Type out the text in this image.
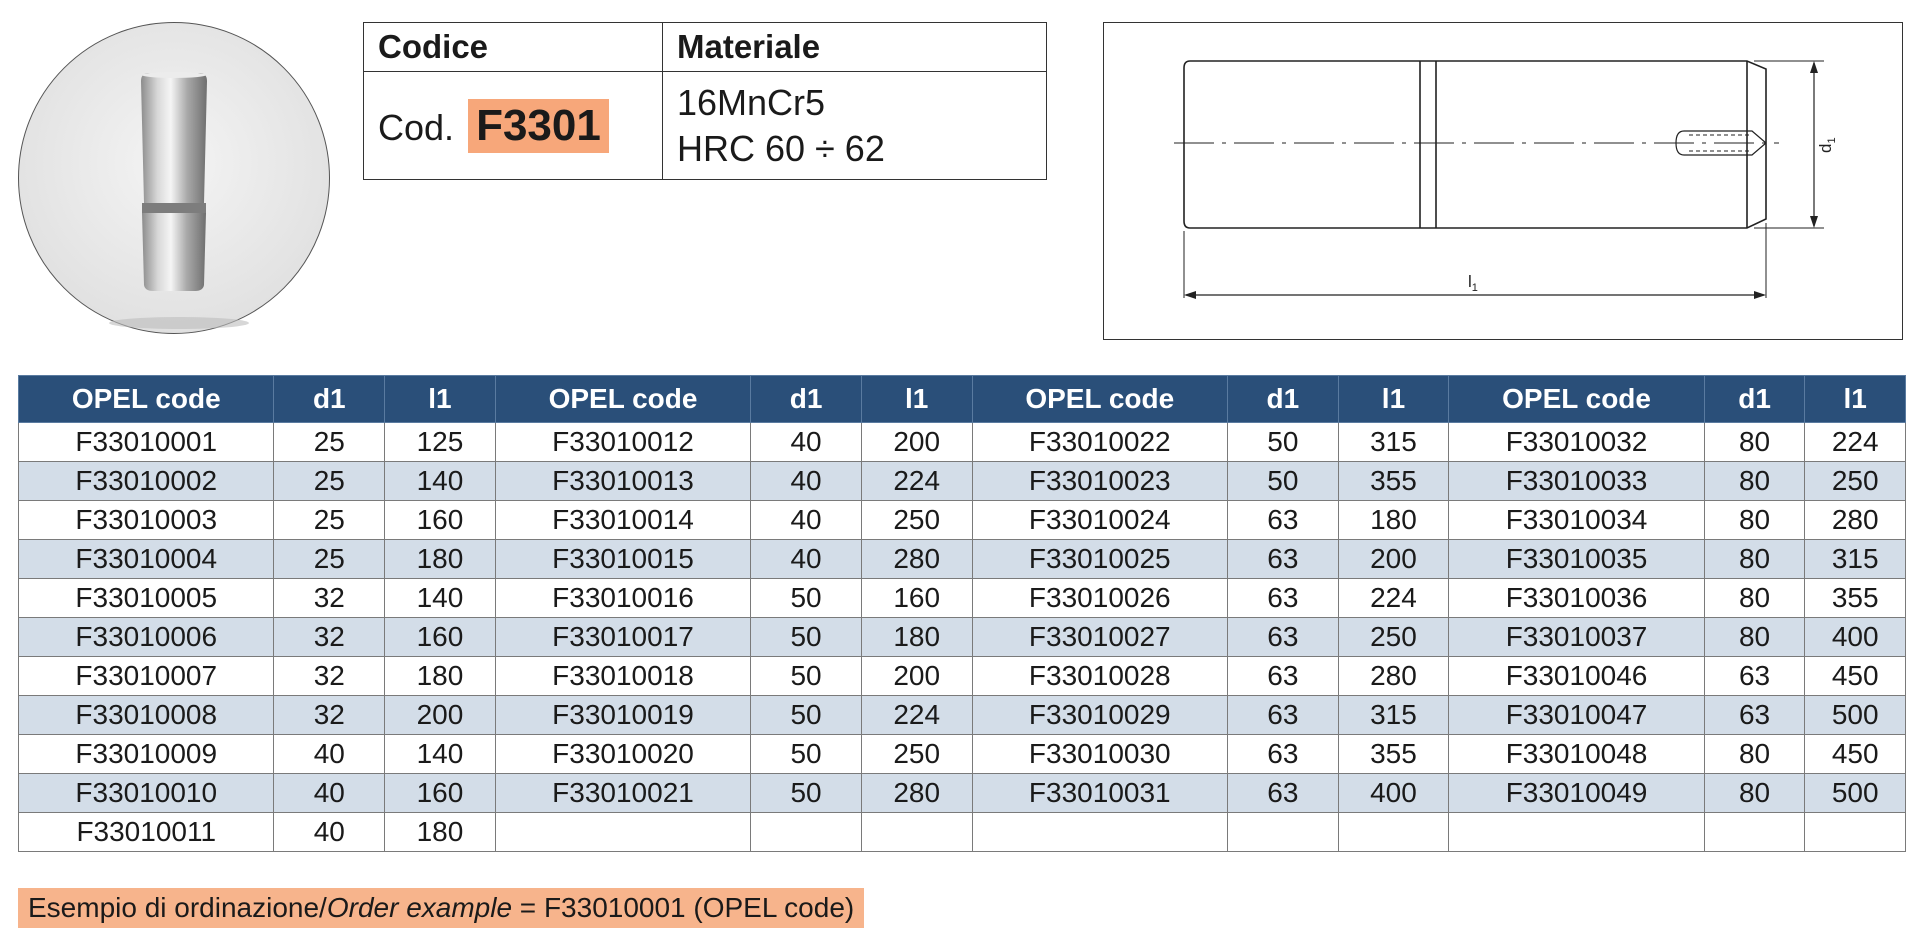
Codice	Materiale
Cod. F3301	16MnCr5
HRC 60 ÷ 62	$d_1$
$l_1$
OPEL code	d1	l1	OPEL code	d1	l1	OPEL code	d1	l1	OPEL code	d1	l1
F33010001	25	125	F33010012	40	200	F33010022	50	315	F33010032	80	224
F33010002	25	140	F33010013	40	224	F33010023	50	355	F33010033	80	250
F33010003	25	160	F33010014	40	250	F33010024	63	180	F33010034	80	280
F33010004	25	180	F33010015	40	280	F33010025	63	200	F33010035	80	315
F33010005	32	140	F33010016	50	160	F33010026	63	224	F33010036	80	355
F33010006	32	160	F33010017	50	180	F33010027	63	250	F33010037	80	400
F33010007	32	180	F33010018	50	200	F33010028	63	280	F33010046	63	450
F33010008	32	200	F33010019	50	224	F33010029	63	315	F33010047	63	500
F33010009	40	140	F33010020	50	250	F33010030	63	355	F33010048	80	450
F33010010	40	160	F33010021	50	280	F33010031	63	400	F33010049	80	500
F33010011	40	180									
Esempio di ordinazione/Order example = F33010001 (OPEL code)
